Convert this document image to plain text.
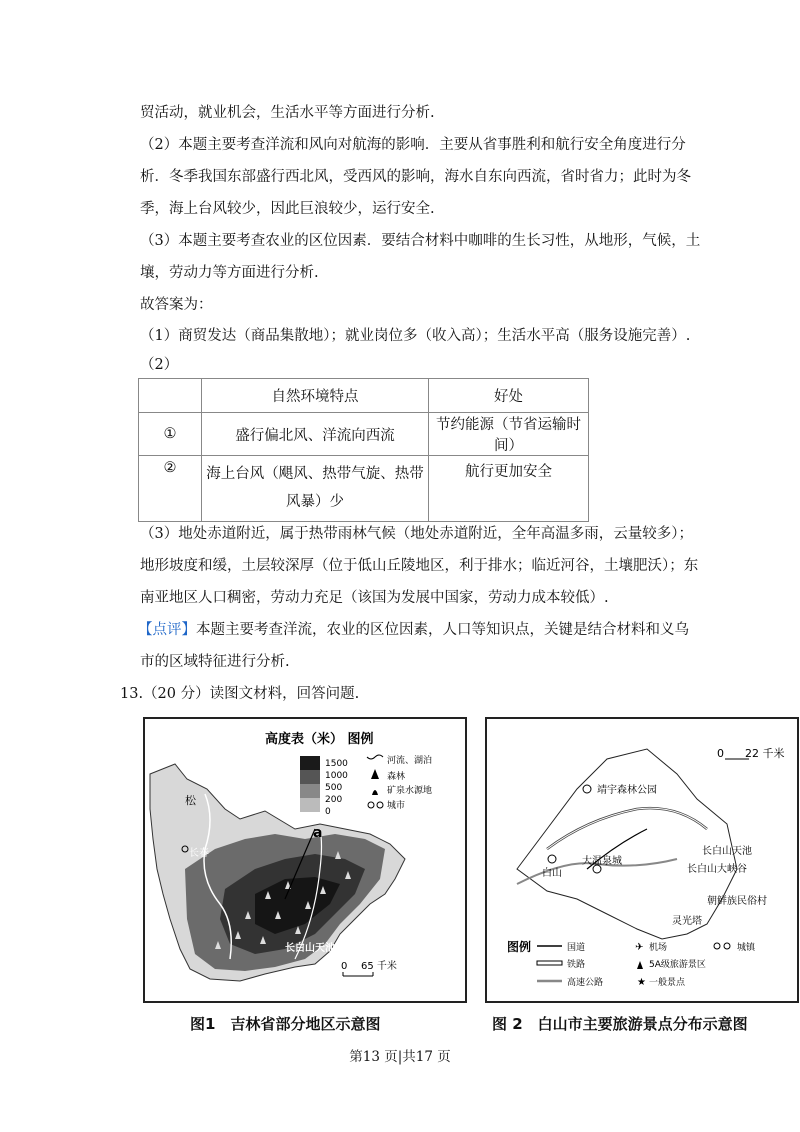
贸活动，就业机会，生活水平等方面进行分析.
（2）本题主要考查洋流和风向对航海的影响．主要从省事胜利和航行安全角度进行分
析．冬季我国东部盛行西北风，受西风的影响，海水自东向西流，省时省力；此时为冬
季，海上台风较少，因此巨浪较少，运行安全.
（3）本题主要考查农业的区位因素．要结合材料中咖啡的生长习性，从地形，气候，土
壤，劳动力等方面进行分析.
故答案为：
（1）商贸发达（商品集散地）；就业岗位多（收入高）；生活水平高（服务设施完善）.
（2）
	自然环境特点	好处
①	盛行偏北风、洋流向西流	节约能源（节省运输时间）
②	海上台风（飓风、热带气旋、热带
风暴）少	航行更加安全
（3）地处赤道附近，属于热带雨林气候（地处赤道附近，全年高温多雨，云量较多）；
地形坡度和缓，土层较深厚（位于低山丘陵地区，利于排水；临近河谷，土壤肥沃）；东
南亚地区人口稠密，劳动力充足（该国为发展中国家，劳动力成本较低）.
【点评】本题主要考查洋流，农业的区位因素，人口等知识点，关键是结合材料和义乌
市的区域特征进行分析.
13.（20 分）读图文材料，回答问题.
高度表（米） 图例
1500
1000
500
200
0
河流、湖泊
森林
矿泉水源地
城市
松
长春
a
长白山天池
0 65 千米
0 22 千米
靖宇森林公园
长白山天池
长白山大峡谷
朝鲜族民俗村
灵光塔
白山
大温泉城
图例	国道	✈ 机场	城镇
铁路	5A级旅游景区
高速公路	★ 一般景点
图1　吉林省部分地区示意图	图 2　白山市主要旅游景点分布示意图
第13 页|共17 页
